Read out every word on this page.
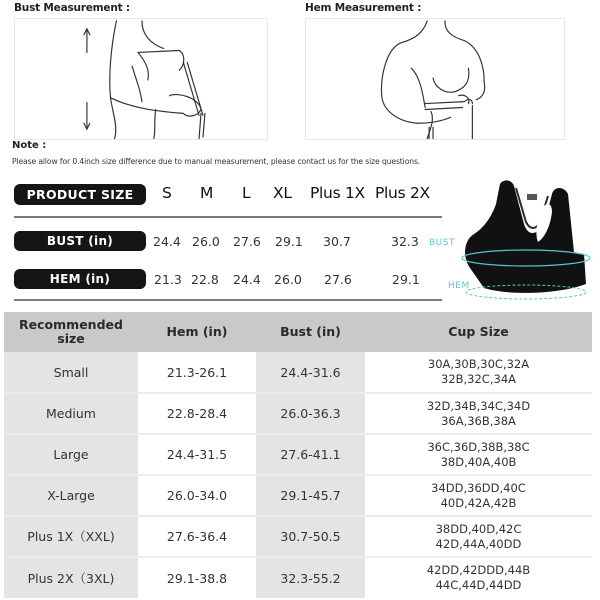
Bust Measurement :	Hem Measurement :
Note :
Please allow for 0.4inch size difference due to manual measurement, please contact us for the size questions.
PRODUCT SIZE	S M L XL Plus 1X Plus 2X
BUST (in)	24.4 26.0 27.6 29.1 30.7	32.3
HEM (in)	21.3 22.8 24.4 26.0 27.6	29.1
BUST
HEM
Recommended size	Hem (in)	Bust (in)	Cup Size
Small	21.3-26.1	24.4-31.6	30A,30B,30C,32A
32B,32C,34A

Medium	22.8-28.4	26.0-36.3	32D,34B,34C,34D
36A,36B,38A

Large	24.4-31.5	27.6-41.1	36C,36D,38B,38C
38D,40A,40B

X-Large	26.0-34.0	29.1-45.7	34DD,36DD,40C
40D,42A,42B

Plus 1X（XXL)	27.6-36.4	30.7-50.5	38DD,40D,42C
42D,44A,40DD

Plus 2X（3XL)	29.1-38.8	32.3-55.2	42DD,42DDD,44B
44C,44D,44DD
